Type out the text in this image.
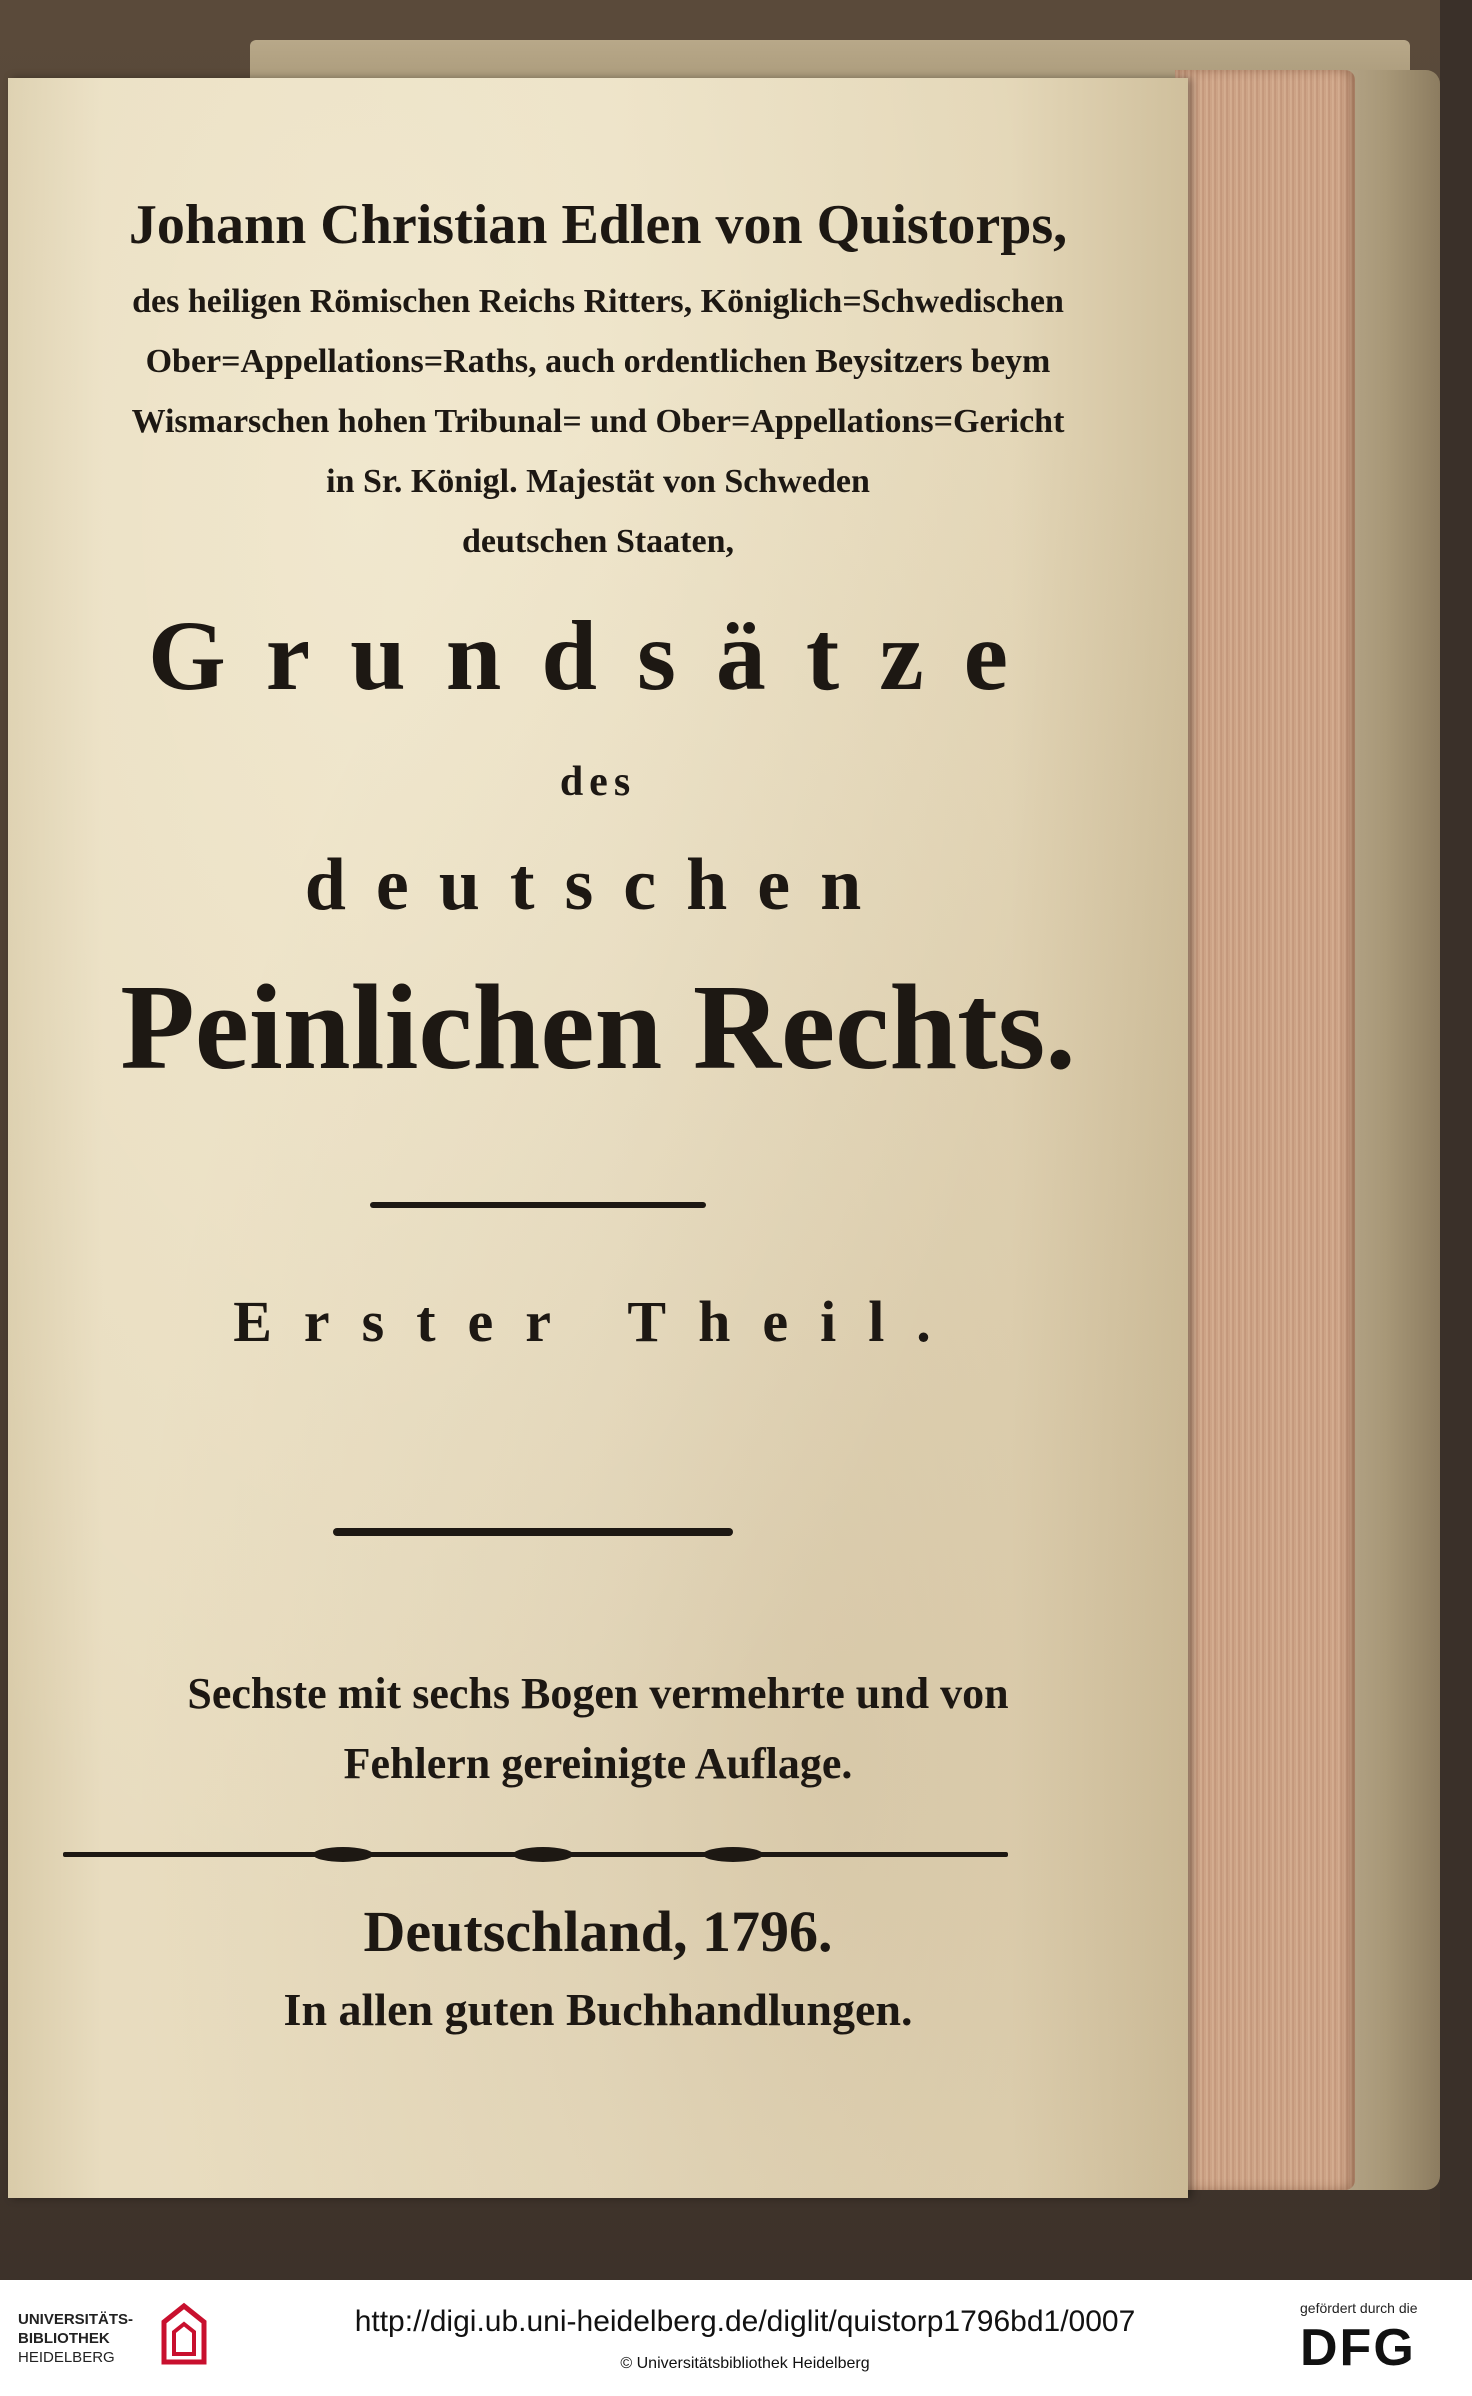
Johann Christian Edlen von Quistorps,
des heiligen Römischen Reichs Ritters, Königlich=Schwedischen
Ober=Appellations=Raths, auch ordentlichen Beysitzers beym
Wismarschen hohen Tribunal= und Ober=Appellations=Gericht
in Sr. Königl. Majestät von Schweden
deutschen Staaten,
Grundsätze
des
deutschen
Peinlichen Rechts.
Erster Theil.
Sechste mit sechs Bogen vermehrte und von
Fehlern gereinigte Auflage.
Deutschland, 1796.
In allen guten Buchhandlungen.
UNIVERSITÄTS-
BIBLIOTHEK
HEIDELBERG
http://digi.ub.uni-heidelberg.de/diglit/quistorp1796bd1/0007
© Universitätsbibliothek Heidelberg
gefördert durch die
DFG
